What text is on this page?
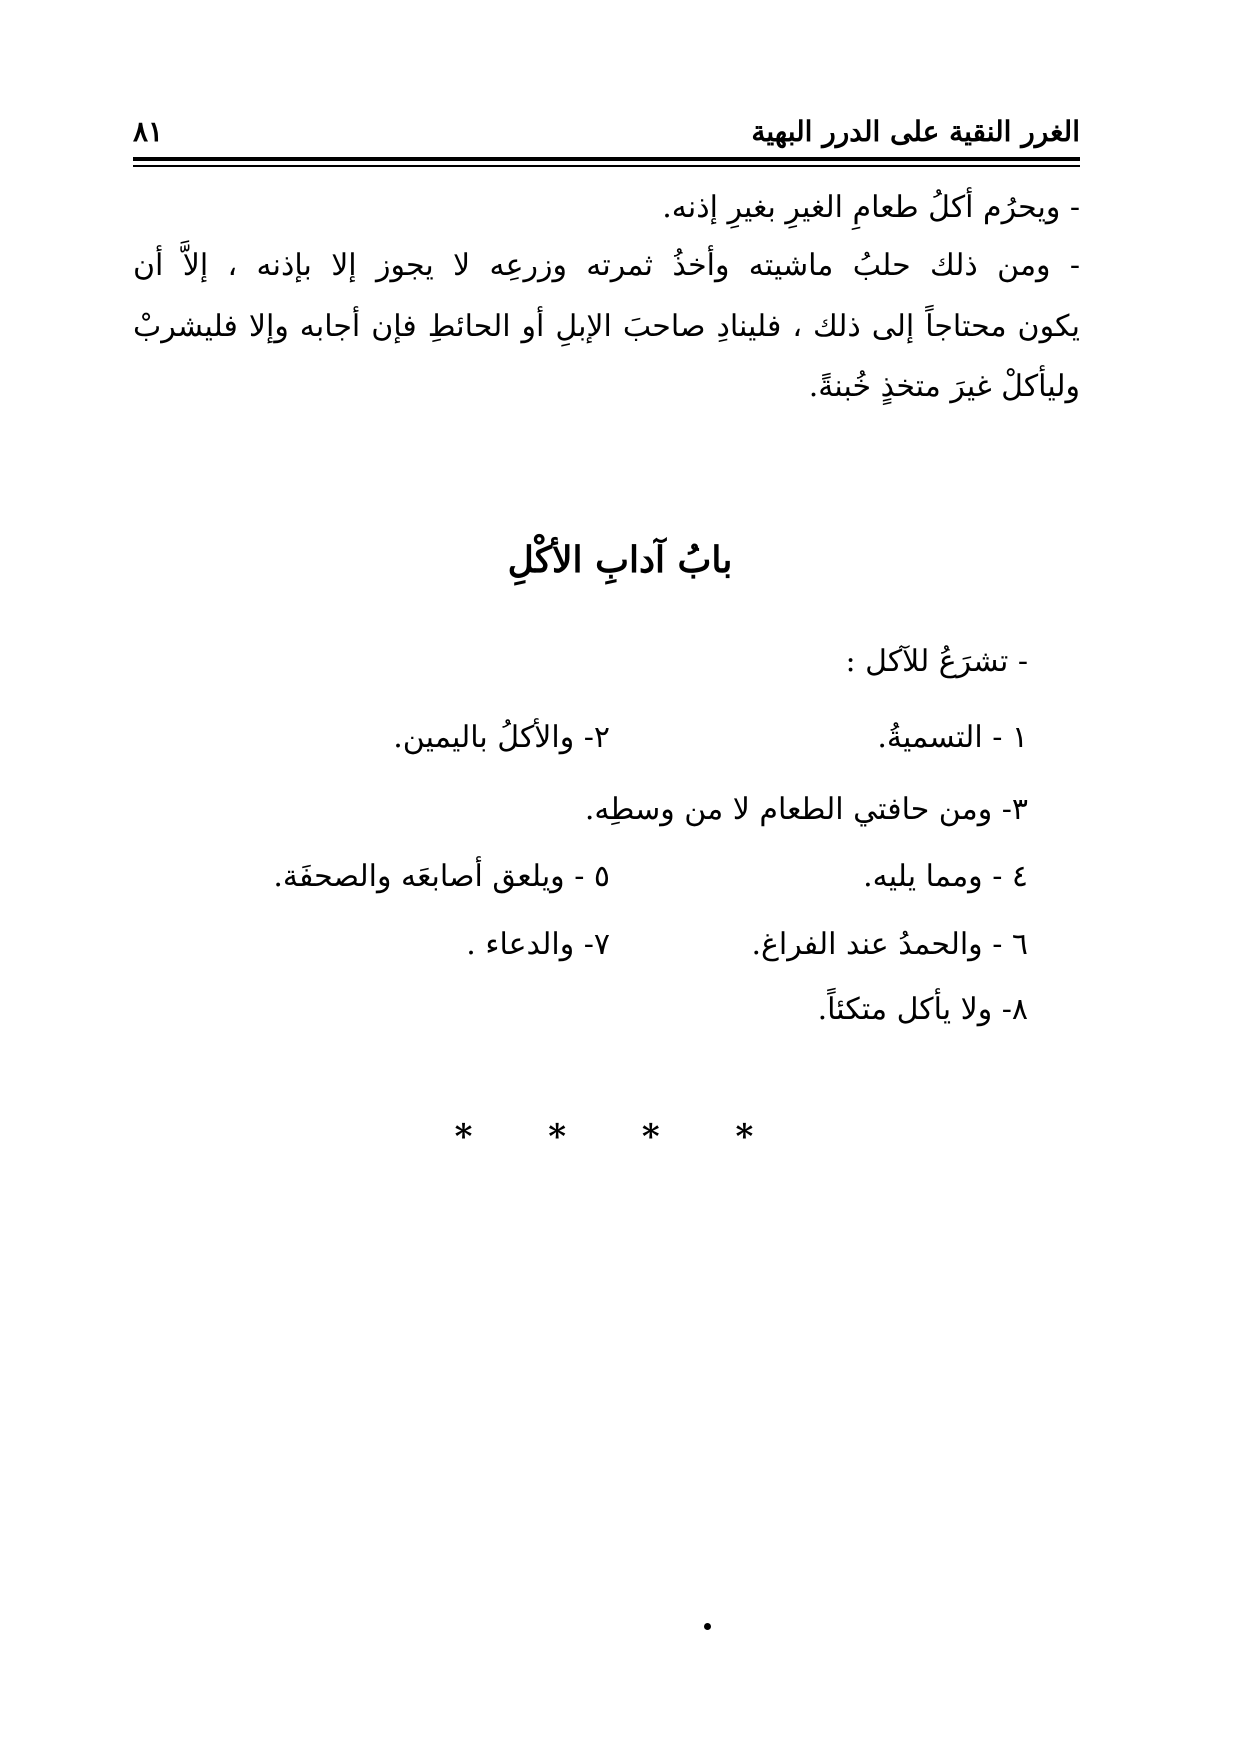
الغرر النقية على الدرر البهية
٨١
- ويحرُم أكلُ طعامِ الغيرِ بغيرِ إذنه.
- ومن ذلك حلبُ ماشيته وأخذُ ثمرته وزرعِه لا يجوز إلا بإذنه ، إلاَّ أن
يكون محتاجاً إلى ذلك ، فلينادِ صاحبَ الإبلِ أو الحائطِ فإن أجابه وإلا فليشربْ
وليأكلْ غيرَ متخذٍ خُبنةً.
بابُ آدابِ الأكْلِ
- تشرَعُ للآكل :
١ - التسميةُ.
٢- والأكلُ باليمين.
٣- ومن حافتي الطعام لا من وسطِه.
٤ - ومما يليه.
٥ - ويلعق أصابعَه والصحفَة.
٦ - والحمدُ عند الفراغ.
٧- والدعاء .
٨- ولا يأكل متكئاً.
* * * *
